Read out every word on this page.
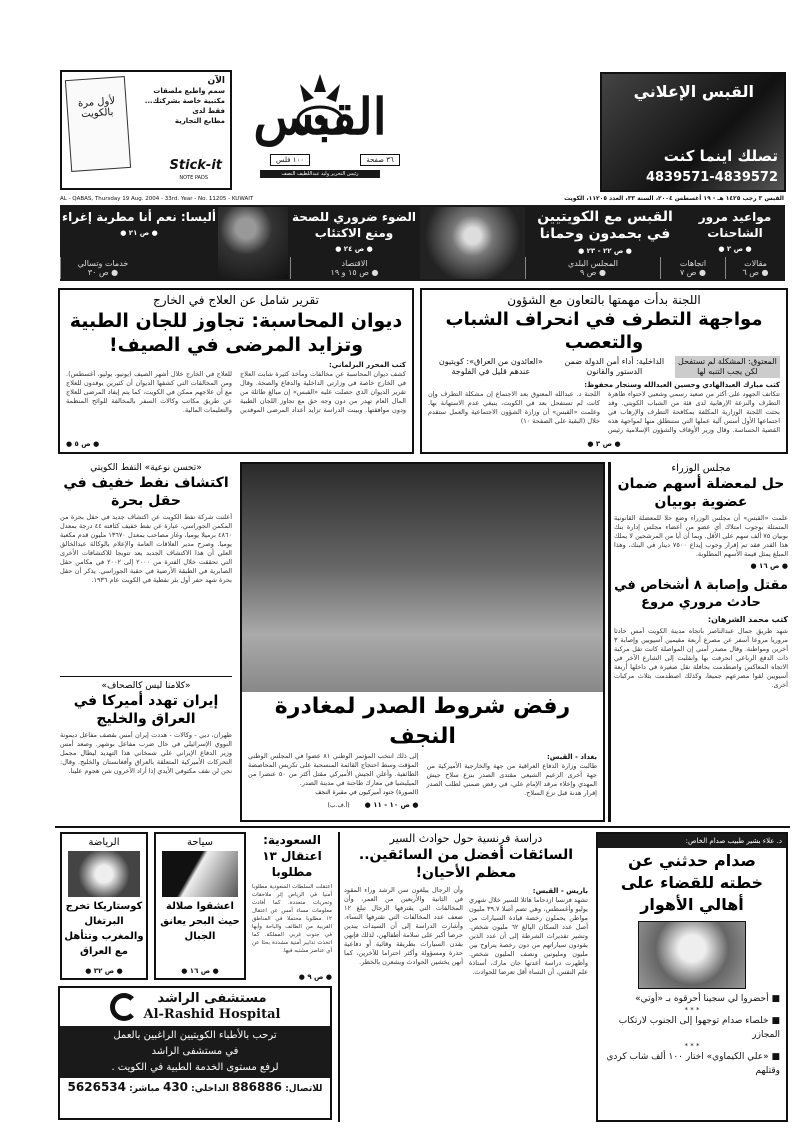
لأول مرة بالكويت
الآن
سمم واطبع ملصقات
مكتبية خاصة بشركتك...
فقط لدى
مطابع التجارية
Stick-it
NOTE PADS
القبس
١٠٠ فلس	٣٦ صفحة
رئيس التحرير وليد عبداللطيف النصف
القبس الإعلاني
تصلك اينما كنت
4839571-4839572
AL - QABAS, Thursday 19 Aug. 2004 - 33rd. Year - No. 11205 - KUWAIT	القبس ٣ رجب ١٤٢٥ هـ - ١٩ أغسطس ٢٠٠٤، السنة ٣٣، العدد ١١٢٠٥، الكويت
مواعيد مرور الشاحنات
● ص ٢ ●
القبس مع الكويتيين في بحمدون وحمانا
● ص ٢٢ - ٢٣ ●
الضوء ضروري للصحة ومنع الاكتئاب
● ص ٢٤ ●
أليسا: نعم أنا مطربة إغراء
● ص ٢١ ●
مقالات
● ص ٦
اتجاهات
● ص ٧
المجلس البلدي
● ص ٩
الاقتصاد
● ص ١٥ و ١٩
خدمات وتسالي
● ص ٣٠
تقرير شامل عن العلاج في الخارج
ديوان المحاسبة: تجاوز للجان الطبية وتزايد المرضى في الصيف!
كتب المحرر البرلماني:
كشف ديوان المحاسبة عن مخالفات ومآخذ كثيرة شابت العلاج في الخارج خاصة في وزارتي الداخلية والدفاع والصحة. وقال تقرير الديوان الذي حصلت عليه «القبس» إن مبالغ طائلة من المال العام تهدر من دون وجه حق مع تجاوز اللجان الطبية ودون موافقتها. وبينت الدراسة تزايد أعداد المرضى الموفدين للعلاج في الخارج خلال أشهر الصيف (يونيو، يوليو، أغسطس). ومن المخالفات التي كشفها الديوان أن كثيرين يوفدون للعلاج مع أن علاجهم ممكن في الكويت، كما يتم إيفاد المرضى للعلاج عن طريق مكاتب وكالات السفر بالمخالفة للوائح المنظمة والتعليمات المالية.
● ص ٥ ●
اللجنة بدأت مهمتها بالتعاون مع الشؤون
مواجهة التطرف في انحراف الشباب والتعصب
المعتوق: المشكلة لم تستفحل لكن يجب التنبه لها
الداخلية: أداء أمن الدولة ضمن الدستور والقانون
«العائدون من العراق»: كويتيون عندهم قليل في الفلوجة
كتب مبارك العبدالهادي وحسين العبدالله وسنجار محفوظ:
تتكاتف الجهود على أكثر من صعيد رسمي وشعبي لاحتواء ظاهرة التطرف والنزعة الإرهابية لدى فئة من الشباب الكويتي. وقد بحثت اللجنة الوزارية المكلفة بمكافحة التطرف والإرهاب في اجتماعها الأول أسس آلية عملها التي ستنطلق منها لمواجهة هذه القضية الحساسة. وقال وزير الأوقاف والشؤون الإسلامية رئيس اللجنة د. عبدالله المعتوق بعد الاجتماع إن مشكلة التطرف وإن كانت لم تستفحل بعد في الكويت، ينبغي عدم الاستهانة بها. وعلمت «القبس» أن وزارة الشؤون الاجتماعية والعمل ستقدم خلال (البقية على الصفحة ١٠)
● ص ٣ ●
«تحسن نوعية» النفط الكويتي
اكتشاف نفط خفيف في حقل بحرة
أعلنت شركة نفط الكويت عن اكتشاف جديد في حقل بحرة من المكمن الجوراسي، عبارة عن نفط خفيف كثافته ٤٤ درجة بمعدل ٤٨٦٠ برميلا يوميا، وغاز مصاحب بمعدل ١٣٦٧٠ مليون قدم مكعبة يوميا. وصرح مدير العلاقات العامة والإعلام بالوكالة عبدالخالق العلي أن هذا الاكتشاف الجديد يعد تتويجا للاكتشافات الأخرى التي تحققت خلال الفترة من ٢٠٠٠ إلى ٢٠٠٢ في مكامن حقل الصابرية في الطبقة الأرضية في حقبة الجوراسي. يذكر أن حقل بحرة شهد حفر أول بئر نفطية في الكويت عام ١٩٣٦.
«كلامنا ليس كالصحاف»
إيران تهدد أميركا في العراق والخليج
طهران، دبي - وكالات - هددت إيران أمس بقصف مفاعل ديمونة النووي الإسرائيلي في حال ضرب مفاعل بوشهر. وصعد أمس وزير الدفاع الإيراني علي شمخاني هذا التهديد ليطال مجمل التحركات الأميركية المتعلقة بالعراق وأفغانستان والخليج. وقال: نحن لن نقف مكتوفي الأيدي إذا أراد الآخرون شن هجوم علينا.
رفض شروط الصدر لمغادرة النجف
بغداد - القبس:
طالبت وزارة الدفاع العراقية من جهة والخارجية الأميركية من جهة أخرى الزعيم الشيعي مقتدى الصدر بنزع سلاح جيش المهدي وإخلاء مرقد الإمام علي، في رفض ضمني لطلب الصدر إقرار هدنة قبل نزع السلاح.
إلى ذلك انتخب المؤتمر الوطني ٨١ عضوا في المجلس الوطني المؤقت وسط احتجاج القائمة المنسحبة على تكريس المحاصصة الطائفية. وأعلن الجيش الأميركي مقتل أكثر من ٥٠ عنصرا من الميليشيا في معارك طاحنة في مدينة الصدر.
(الصورة) جنود أميركيون في مقبرة النجف
● ص ١٠ - ١١ ● (أ.ف.ب)
مجلس الوزراء
حل لمعضلة أسهم ضمان عضوية بوبيان
علمت «القبس» أن مجلس الوزراء وضع حلا للمعضلة القانونية المتمثلة بوجوب امتلاك أي عضو من أعضاء مجلس إدارة بنك بوبيان ٧٥ ألف سهم على الأقل. وبما أن أيا من المرشحين لا يملك هذا القدر فقد تم إقرار وجوب إيداع ٧٥٠٠ دينار في البنك، وهذا المبلغ يمثل قيمة الأسهم المطلوبة.
● ص ١٦ ●
مقتل وإصابة ٨ أشخاص في حادث مروري مروع
كتب محمد الشرهان:
شهد طريق جمال عبدالناصر باتجاه مدينة الكويت أمس حادثا مروريا مروعا أسفر عن مصرع أربعة مقيمين آسيويين وإصابة ٣ آخرين ومواطنة. وقال مصدر أمني إن المواصلة كانت تقل مركبة ذات الدفع الرباعي انحرفت بها وانقلبت إلى الشارع الآخر في الاتجاه المعاكس واصطدمت بحافلة نقل صغيرة في داخلها أربعة آسيويين لقوا مصرعهم جميعا، وكذلك اصطدمت بثلاث مركبات أخرى.
الرياضة
كوستاريكا تخرج البرتغال والمغرب وتتأهل مع العراق
● ص ٣٢ ●
سياحة
اعشقوا صلالة حيث البحر يعانق الجبال
● ص ١٦ ●
السعودية: اعتقال ١٣ مطلوبا
اعتقلت السلطات السعودية مطلوبا أمنيا في الرياض إثر ملاحقات وتحريات متعددة. كما أفادت معلومات مساء أمس عن اعتقال ١٢ مطلوبا محتملا في المناطق القريبة من الطائف والباحة وأبها في جنوب غربي المملكة. كما اتخذت تدابير أمنية مشددة بحثا عن أي عناصر مشتبه فيها.
● ص ٩ ●
دراسة فرنسية حول حوادث السير
السائقات أفضل من السائقين.. معظم الأحيان!
باريس - القبس:
تشهد فرنسا ازدحاما هائلا للسير خلال شهري يوليو وأغسطس، وهي تضم أصلا ٣٩.٧ مليون مواطن يحملون رخصة قيادة السيارات من أصل عدد السكان البالغ ٦٢ مليون شخص. وتشير تقديرات الشرطة إلى أن عدد الذين يقودون سياراتهم من دون رخصة يتراوح بين مليون ومليونين ونصف المليون شخص. وأظهرت دراسة أعدتها جان مارك، أستاذة علم النفس، أن النساء أقل تعرضا للحوادث.
وأن الرجال يبلغون سن الرشد وراء المقود في الثانية والأربعين من العمر، وأن المخالفات التي يقترفها الرجال تبلغ ١٢ ضعف عدد المخالفات التي تقترفها النساء. وأشارت الدراسة إلى أن السيدات يبدين حرصا أكبر على سلامة أطفالهن، لذلك فإنهن يقدن السيارات بطريقة وقائية أو دفاعية حذرة ومسؤولة وأكثر احتراما للآخرين، كما أنهن يخشين الحوادث ويشعرن بالخطر.
د. علاء بشير طبيب صدام الخاص:
صدام حدثني عن خطته للقضاء على أهالي الأهوار
■ أحضروا لي سجينا أحرقوه بـ «أوتي»
* * *
■ خلصاء صدام توجهوا إلى الجنوب لارتكاب المجازر
* * *
■ «علي الكيماوي» اختار ١٠٠ ألف شاب كردي وقتلهم
مستشفى الراشد
Al-Rashid Hospital
ترحب بالأطباء الكويتيين الراغبين بالعمل
في مستشفى الراشد
لرفع مستوى الخدمة الطبية في الكويت .
للاتصال: 886886 الداخلي: 430 مباشر: 5626534
